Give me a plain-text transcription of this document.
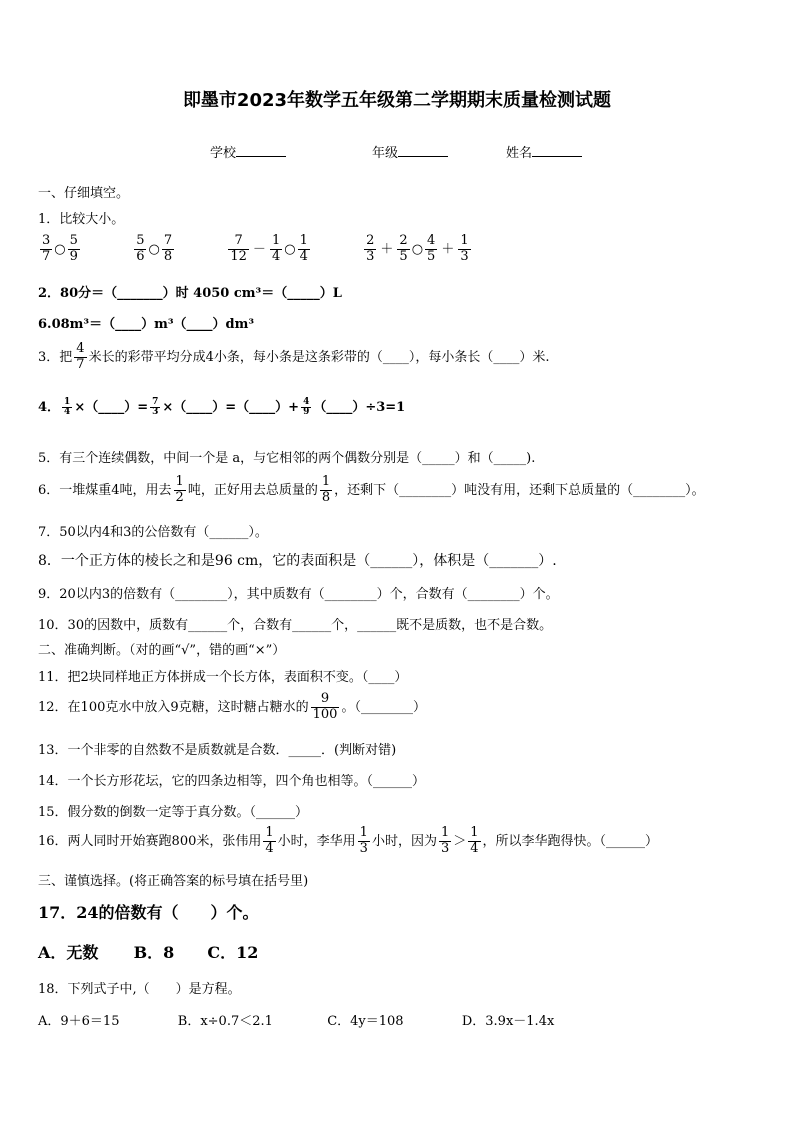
即墨市2023年数学五年级第二学期期末质量检测试题
学校	年级	姓名
一、仔细填空。
1．比较大小。
$\frac{3}{7}$ ○ $\frac{5}{9}$
	$\frac{5}{6}$ ○ $\frac{7}{8}$
	$\frac{7}{12} - \frac{1}{4}$ ○ $\frac{1}{4}$
	$\frac{2}{3} + \frac{2}{5}$ ○ $\frac{4}{5} + \frac{1}{3}$
2．80分＝（_______）时 4050 cm³＝（_____）L
6.08m³＝（____）m³（____）dm³
3．把 $\frac{4}{7}$ 米长的彩带平均分成4小条，每小条是这条彩带的（____），每小条长（____）米.
4． $\frac{1}{4}$ ×（____）= $\frac{7}{3}$ ×（____）=（____）+ $\frac{4}{9}$ （____）÷3=1
5．有三个连续偶数，中间一个是 a，与它相邻的两个偶数分别是（_____）和（_____).
6．一堆煤重4吨，用去 $\frac{1}{2}$ 吨，正好用去总质量的 $\frac{1}{8}$ ，还剩下（________）吨没有用，还剩下总质量的（________）。
7．50以内4和3的公倍数有（______）。
8．一个正方体的棱长之和是96 cm，它的表面积是（______），体积是（_______）.
9．20以内3的倍数有（________），其中质数有（________）个，合数有（________）个。
10．30的因数中，质数有______个，合数有______个，______既不是质数，也不是合数。
二、准确判断。（对的画“√”，错的画“×”）
11．把2块同样地正方体拼成一个长方体，表面积不变。（____）
12．在100克水中放入9克糖，这时糖占糖水的 $\frac{9}{100}$ 。（________）
13．一个非零的自然数不是质数就是合数．_____．(判断对错)
14．一个长方形花坛，它的四条边相等，四个角也相等。（______）
15．假分数的倒数一定等于真分数。（______）
16．两人同时开始赛跑800米，张伟用 $\frac{1}{4}$ 小时，李华用 $\frac{1}{3}$ 小时，因为 $\frac{1}{3} > \frac{1}{4}$ ，所以李华跑得快。（______）
三、谨慎选择。(将正确答案的标号填在括号里)
17．24的倍数有（　　）个。
A．无数 B．8 C．12
18．下列式子中,（　　）是方程。
A．9＋6＝15	B．x÷0.7＜2.1	C．4y＝108	D．3.9x－1.4x
